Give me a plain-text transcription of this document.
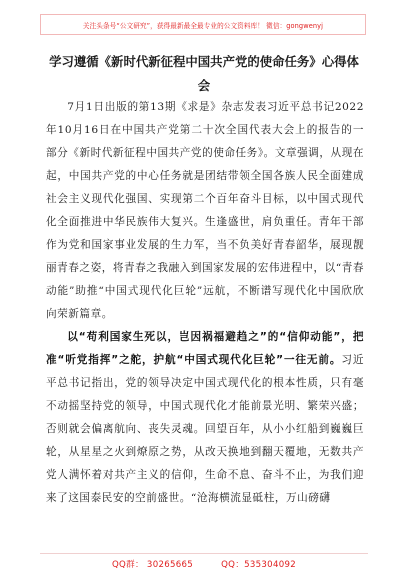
关注头条号“公文研究”，获得最新最全最专业的公文资料库！ 微信：gongwenyj
学习遵循《新时代新征程中国共产党的使命任务》心得体会

7月1日出版的第13期《求是》杂志发表习近平总书记2022年10月16日在中国共产党第二十次全国代表大会上的报告的一部分《新时代新征程中国共产党的使命任务》。文章强调，从现在起，中国共产党的中心任务就是团结带领全国各族人民全面建成社会主义现代化强国、实现第二个百年奋斗目标，以中国式现代化全面推进中华民族伟大复兴。生逢盛世，肩负重任。青年干部作为党和国家事业发展的生力军，当不负美好青春韶华，展现靓丽青春之姿，将青春之我融入到国家发展的宏伟进程中，以“青春动能”助推“中国式现代化巨轮”远航，不断谱写现代化中国欣欣向荣新篇章。

以“苟利国家生死以，岂因祸福避趋之”的“信仰动能”，把准“听党指挥”之舵，护航“中国式现代化巨轮”一往无前。习近平总书记指出，党的领导决定中国式现代化的根本性质，只有毫不动摇坚持党的领导，中国式现代化才能前景光明、繁荣兴盛；否则就会偏离航向、丧失灵魂。回望百年，从小小红船到巍巍巨轮，从星星之火到燎原之势，从改天换地到翻天覆地，无数共产党人满怀着对共产主义的信仰，生命不息、奋斗不止，为我们迎来了这国泰民安的空前盛世。“沧海横流显砥柱，万山磅礴

QQ群： 30265665	QQ：535304092
